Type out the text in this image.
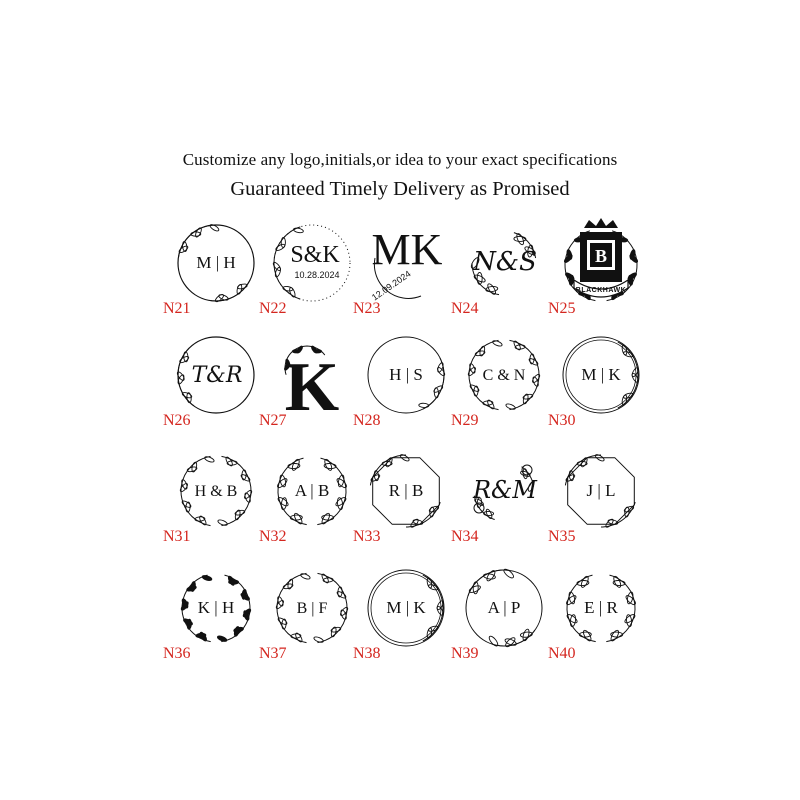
Customize any logo,initials,or idea to your exact specifications
Guaranteed Timely Delivery as Promised
M | H
N21
S&K
10.28.2024
N22
MK
12.09.2024
N23
N&S
N24
B
BLACKHAWK
N25
T&R
N26 K
N27
H | S
N28
C & N
N29
M | K
N30
H & B
N31
A | B
N32
R | B
N33
R&M
N34
J | L
N35
K | H
N36
B | F
N37
M | K
N38
A | P
N39
E | R
N40
